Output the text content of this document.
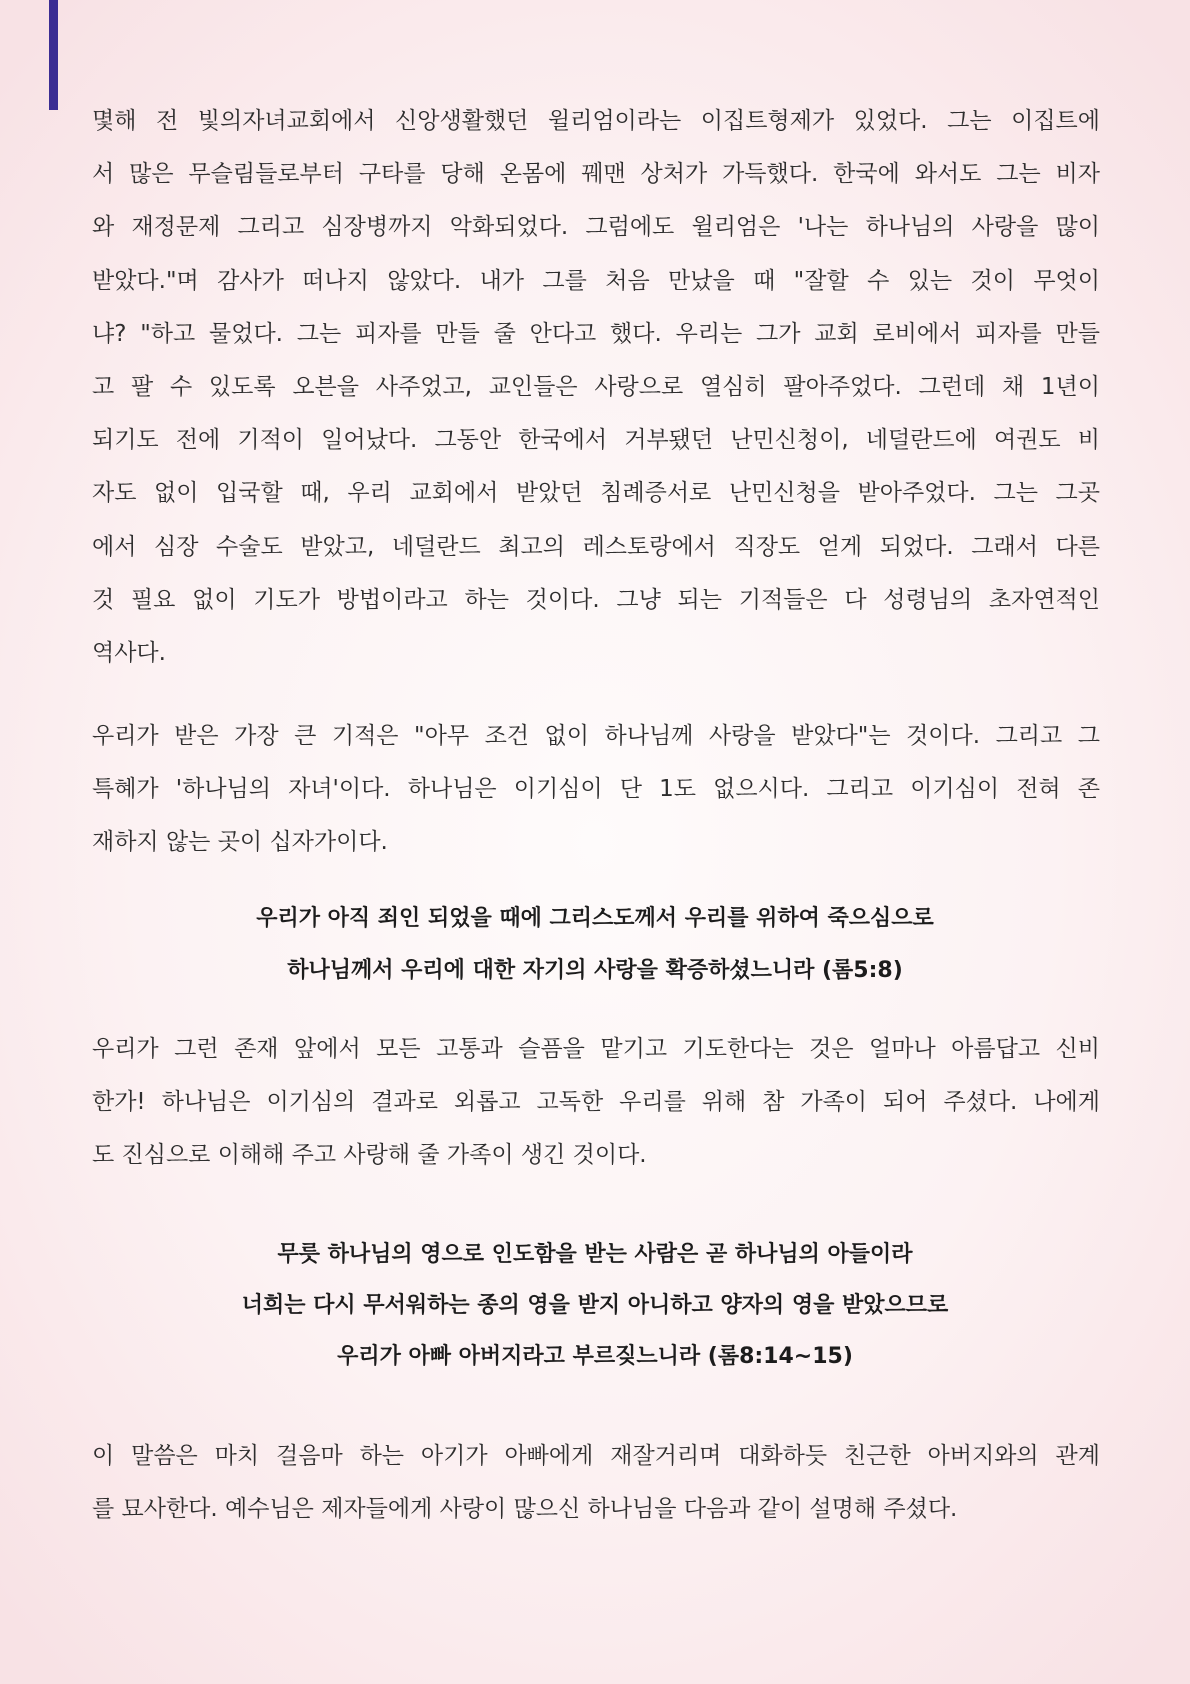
몇해 전 빛의자녀교회에서 신앙생활했던 윌리엄이라는 이집트형제가 있었다. 그는 이집트에
서 많은 무슬림들로부터 구타를 당해 온몸에 꿰맨 상처가 가득했다. 한국에 와서도 그는 비자
와 재정문제 그리고 심장병까지 악화되었다. 그럼에도 윌리엄은 '나는 하나님의 사랑을 많이
받았다."며 감사가 떠나지 않았다. 내가 그를 처음 만났을 때 "잘할 수 있는 것이 무엇이
냐? "하고 물었다. 그는 피자를 만들 줄 안다고 했다. 우리는 그가 교회 로비에서 피자를 만들
고 팔 수 있도록 오븐을 사주었고, 교인들은 사랑으로 열심히 팔아주었다. 그런데 채 1년이
되기도 전에 기적이 일어났다. 그동안 한국에서 거부됐던 난민신청이, 네덜란드에 여권도 비
자도 없이 입국할 때, 우리 교회에서 받았던 침례증서로 난민신청을 받아주었다. 그는 그곳
에서 심장 수술도 받았고, 네덜란드 최고의 레스토랑에서 직장도 얻게 되었다. 그래서 다른
것 필요 없이 기도가 방법이라고 하는 것이다. 그냥 되는 기적들은 다 성령님의 초자연적인
역사다.
우리가 받은 가장 큰 기적은 "아무 조건 없이 하나님께 사랑을 받았다"는 것이다. 그리고 그
특혜가 '하나님의 자녀'이다. 하나님은 이기심이 단 1도 없으시다. 그리고 이기심이 전혀 존
재하지 않는 곳이 십자가이다.
우리가 아직 죄인 되었을 때에 그리스도께서 우리를 위하여 죽으심으로
하나님께서 우리에 대한 자기의 사랑을 확증하셨느니라 (롬5:8)
우리가 그런 존재 앞에서 모든 고통과 슬픔을 맡기고 기도한다는 것은 얼마나 아름답고 신비
한가! 하나님은 이기심의 결과로 외롭고 고독한 우리를 위해 참 가족이 되어 주셨다. 나에게
도 진심으로 이해해 주고 사랑해 줄 가족이 생긴 것이다.
무릇 하나님의 영으로 인도함을 받는 사람은 곧 하나님의 아들이라
너희는 다시 무서워하는 종의 영을 받지 아니하고 양자의 영을 받았으므로
우리가 아빠 아버지라고 부르짖느니라 (롬8:14~15)
이 말씀은 마치 걸음마 하는 아기가 아빠에게 재잘거리며 대화하듯 친근한 아버지와의 관계
를 묘사한다. 예수님은 제자들에게 사랑이 많으신 하나님을 다음과 같이 설명해 주셨다.
